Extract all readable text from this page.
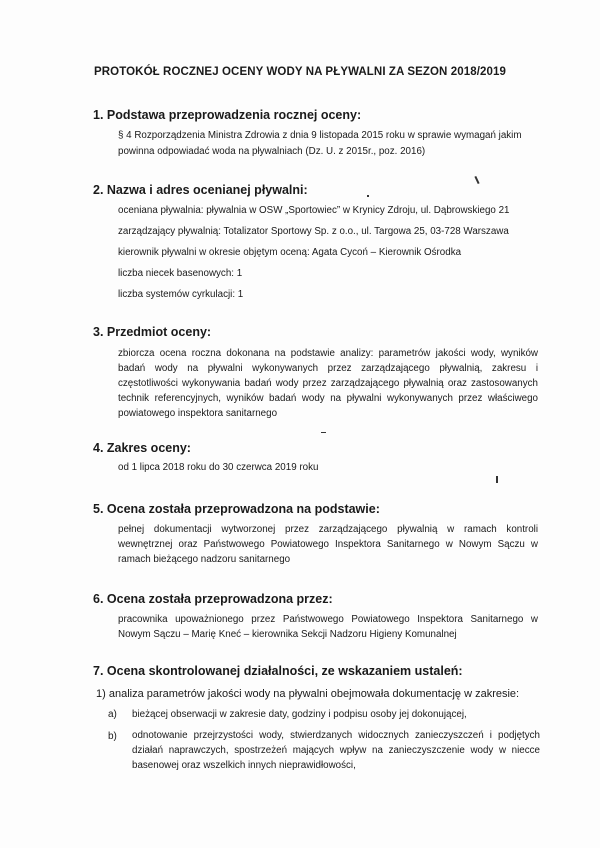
PROTOKÓŁ ROCZNEJ OCENY WODY NA PŁYWALNI ZA SEZON 2018/2019
1. Podstawa przeprowadzenia rocznej oceny:
§ 4 Rozporządzenia Ministra Zdrowia z dnia 9 listopada 2015 roku w sprawie wymagań jakim
powinna odpowiadać woda na pływalniach (Dz. U. z 2015r., poz. 2016)
2. Nazwa i adres ocenianej pływalni:
oceniana pływalnia: pływalnia w OSW „Sportowiec” w Krynicy Zdroju, ul. Dąbrowskiego 21
zarządzający pływalnią: Totalizator Sportowy Sp. z o.o., ul. Targowa 25, 03-728 Warszawa
kierownik pływalni w okresie objętym oceną: Agata Cycoń – Kierownik Ośrodka
liczba niecek basenowych: 1
liczba systemów cyrkulacji: 1
3. Przedmiot oceny:
zbiorcza ocena roczna dokonana na podstawie analizy: parametrów jakości wody, wyników badań wody na pływalni wykonywanych przez zarządzającego pływalnią, zakresu i częstotliwości wykonywania badań wody przez zarządzającego pływalnią oraz zastosowanych technik referencyjnych, wyników badań wody na pływalni wykonywanych przez właściwego powiatowego inspektora sanitarnego
4. Zakres oceny:
od 1 lipca 2018 roku do 30 czerwca 2019 roku
5. Ocena została przeprowadzona na podstawie:
pełnej dokumentacji wytworzonej przez zarządzającego pływalnią w ramach kontroli wewnętrznej oraz Państwowego Powiatowego Inspektora Sanitarnego w Nowym Sączu w ramach bieżącego nadzoru sanitarnego
6. Ocena została przeprowadzona przez:
pracownika upoważnionego przez Państwowego Powiatowego Inspektora Sanitarnego w Nowym Sączu – Marię Kneć – kierownika Sekcji Nadzoru Higieny Komunalnej
7. Ocena skontrolowanej działalności, ze wskazaniem ustaleń:
1) analiza parametrów jakości wody na pływalni obejmowała dokumentację w zakresie:
a) bieżącej obserwacji w zakresie daty, godziny i podpisu osoby jej dokonującej,
b) odnotowanie przejrzystości wody, stwierdzanych widocznych zanieczyszczeń i podjętych działań naprawczych, spostrzeżeń mających wpływ na zanieczyszczenie wody w niecce basenowej oraz wszelkich innych nieprawidłowości,
